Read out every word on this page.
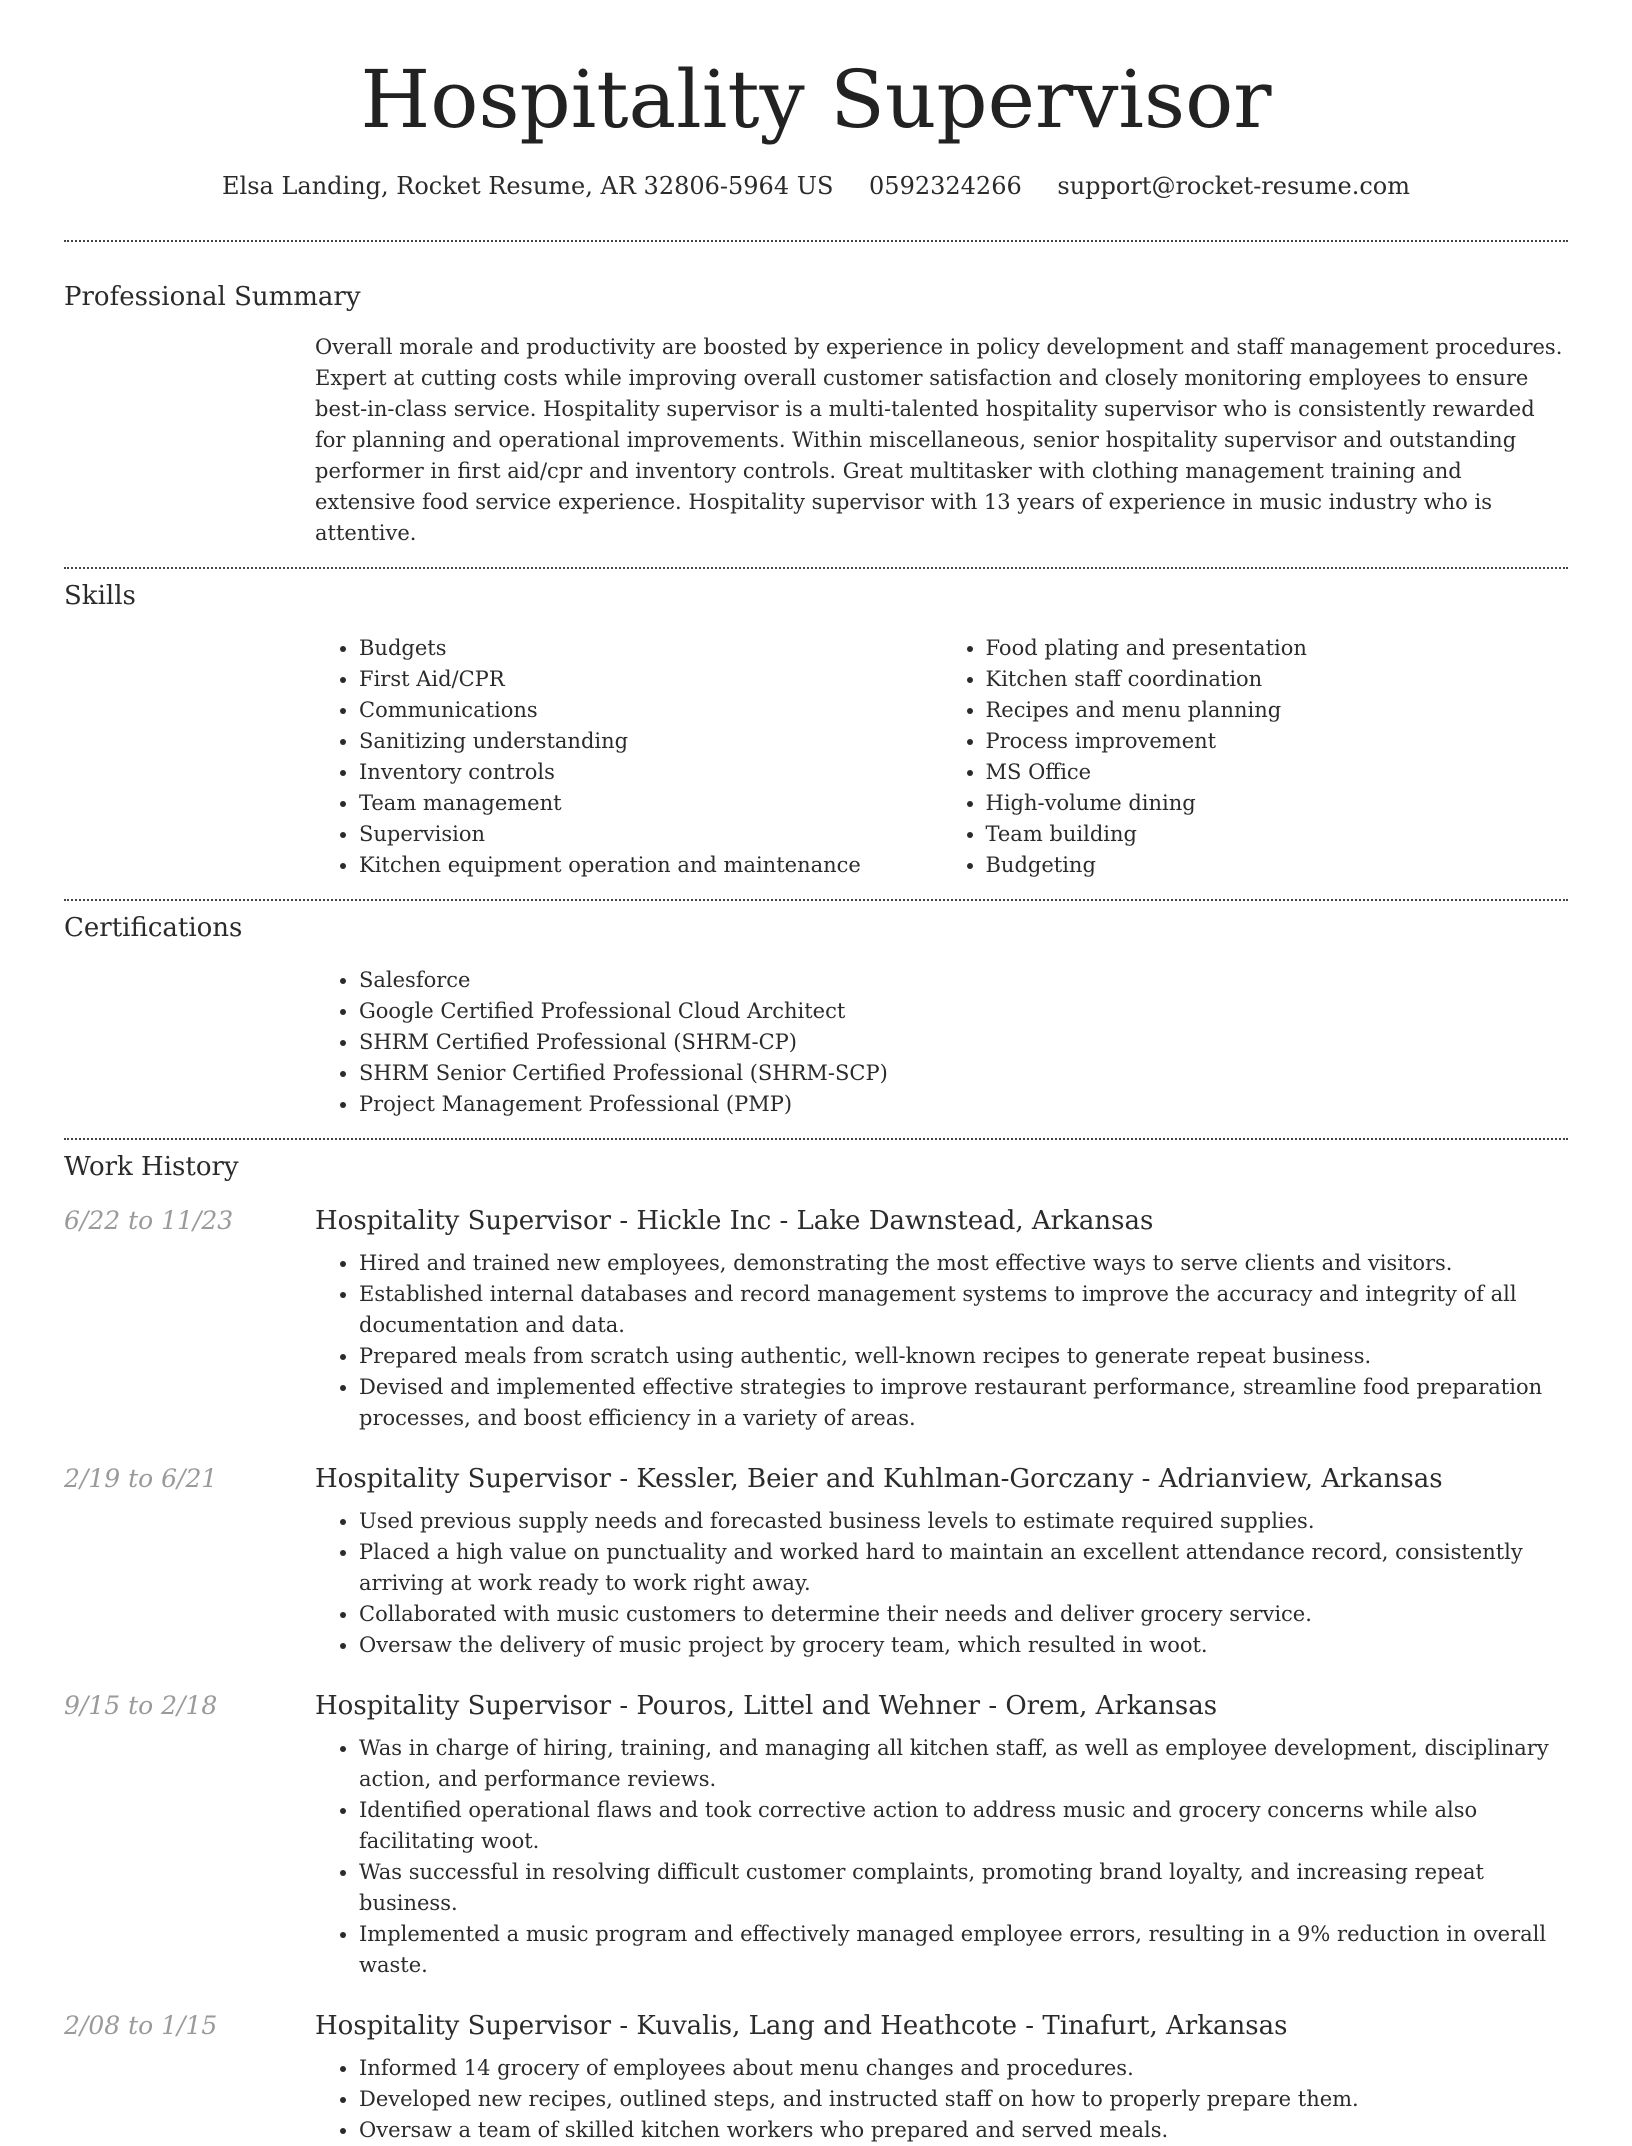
Hospitality Supervisor
Elsa Landing, Rocket Resume, AR 32806-5964 US 0592324266 support@rocket-resume.com
Professional Summary
Overall morale and productivity are boosted by experience in policy development and staff management procedures. Expert at cutting costs while improving overall customer satisfaction and closely monitoring employees to ensure best-in-class service. Hospitality supervisor is a multi-talented hospitality supervisor who is consistently rewarded for planning and operational improvements. Within miscellaneous, senior hospitality supervisor and outstanding performer in first aid/cpr and inventory controls. Great multitasker with clothing management training and extensive food service experience. Hospitality supervisor with 13 years of experience in music industry who is attentive.
Skills
• Budgets
• First Aid/CPR
• Communications
• Sanitizing understanding
• Inventory controls
• Team management
• Supervision
• Kitchen equipment operation and maintenance
• Food plating and presentation
• Kitchen staff coordination
• Recipes and menu planning
• Process improvement
• MS Office
• High-volume dining
• Team building
• Budgeting
Certifications
• Salesforce
• Google Certified Professional Cloud Architect
• SHRM Certified Professional (SHRM-CP)
• SHRM Senior Certified Professional (SHRM-SCP)
• Project Management Professional (PMP)
Work History
6/22 to 11/23	Hospitality Supervisor - Hickle Inc - Lake Dawnstead, Arkansas
• Hired and trained new employees, demonstrating the most effective ways to serve clients and visitors.
• Established internal databases and record management systems to improve the accuracy and integrity of all documentation and data.
• Prepared meals from scratch using authentic, well-known recipes to generate repeat business.
• Devised and implemented effective strategies to improve restaurant performance, streamline food preparation processes, and boost efficiency in a variety of areas.
2/19 to 6/21	Hospitality Supervisor - Kessler, Beier and Kuhlman-Gorczany - Adrianview, Arkansas
• Used previous supply needs and forecasted business levels to estimate required supplies.
• Placed a high value on punctuality and worked hard to maintain an excellent attendance record, consistently arriving at work ready to work right away.
• Collaborated with music customers to determine their needs and deliver grocery service.
• Oversaw the delivery of music project by grocery team, which resulted in woot.
9/15 to 2/18	Hospitality Supervisor - Pouros, Littel and Wehner - Orem, Arkansas
• Was in charge of hiring, training, and managing all kitchen staff, as well as employee development, disciplinary action, and performance reviews.
• Identified operational flaws and took corrective action to address music and grocery concerns while also facilitating woot.
• Was successful in resolving difficult customer complaints, promoting brand loyalty, and increasing repeat business.
• Implemented a music program and effectively managed employee errors, resulting in a 9% reduction in overall waste.
2/08 to 1/15	Hospitality Supervisor - Kuvalis, Lang and Heathcote - Tinafurt, Arkansas
• Informed 14 grocery of employees about menu changes and procedures.
• Developed new recipes, outlined steps, and instructed staff on how to properly prepare them.
• Oversaw a team of skilled kitchen workers who prepared and served meals.
